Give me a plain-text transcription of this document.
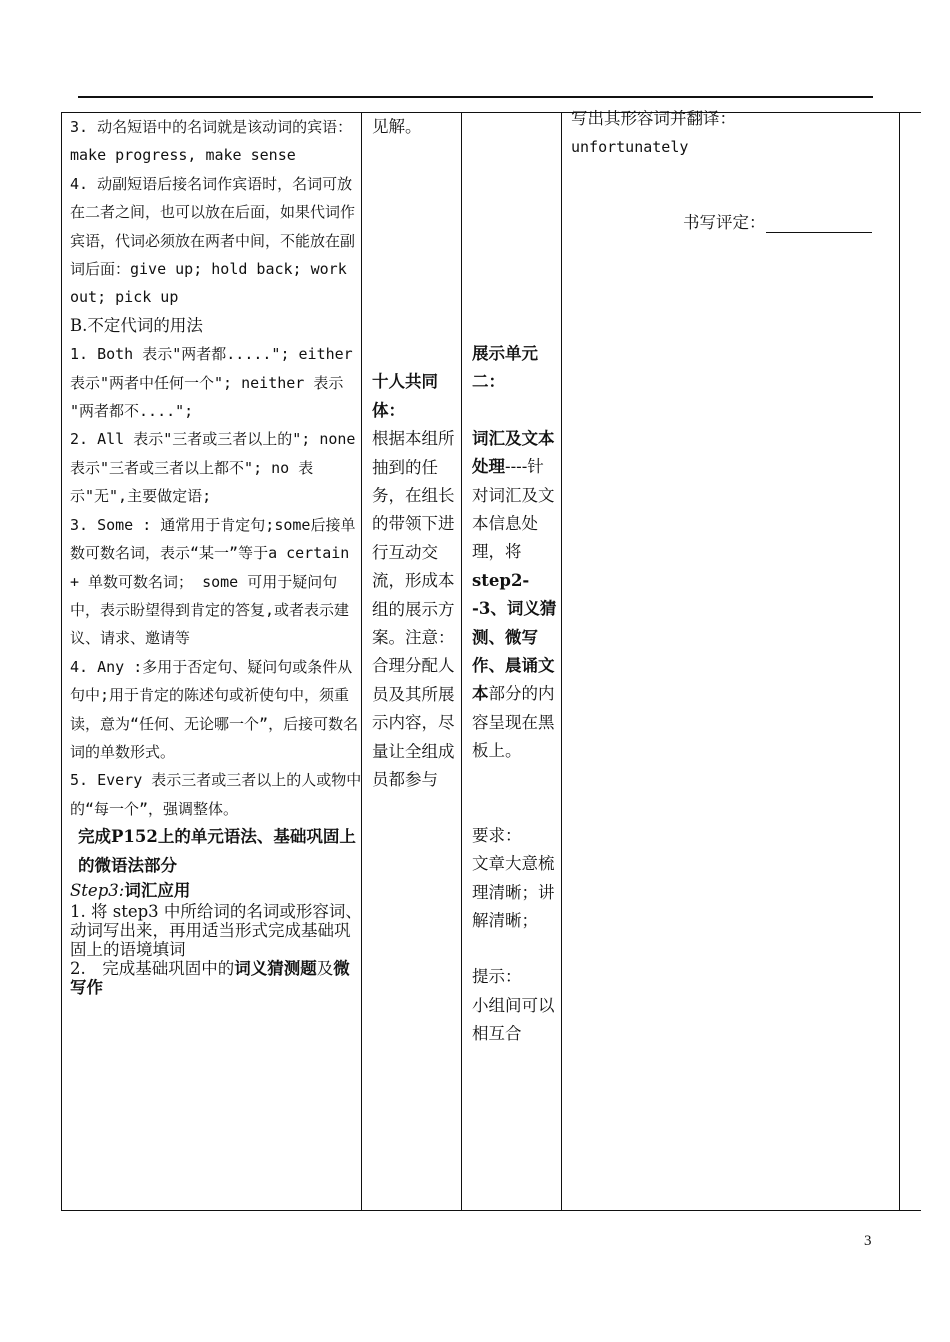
3. 动名短语中的名词就是该动词的宾语：make progress, make sense

4. 动副短语后接名词作宾语时，名词可放在二者之间，也可以放在后面，如果代词作宾语，代词必须放在两者中间，不能放在副词后面：give up; hold back; work out; pick up

B.不定代词的用法

1. Both 表示"两者都....."; either 表示"两者中任何一个"; neither 表示 "两者都不....";

2. All 表示"三者或三者以上的"; none 表示"三者或三者以上都不"; no 表示"无",主要做定语;

3. Some : 通常用于肯定句;some后接单数可数名词，表示“某一”等于a certain + 单数可数名词； some 可用于疑问句中，表示盼望得到肯定的答复,或者表示建议、请求、邀请等

4. Any :多用于否定句、疑问句或条件从句中;用于肯定的陈述句或祈使句中，须重读，意为“任何、无论哪一个”，后接可数名词的单数形式。

5. Every 表示三者或三者以上的人或物中的“每一个”，强调整体。

完成P152上的单元语法、基础巩固上的微语法部分

Step3:词汇应用

1. 将 step3 中所给词的名词或形容词、动词写出来，再用适当形式完成基础巩固上的语境填词

2.　完成基础巩固中的词义猜测题及微写作

见解。

十人共同体：

根据本组所抽到的任务，在组长的带领下进行互动交流，形成本组的展示方案。注意：合理分配人员及其所展示内容，尽量让全组成员都参与

展示单元二：

词汇及文本处理----针对词汇及文本信息处理，将step2--3、词义猜测、微写作、晨诵文本部分的内容呈现在黑板上。

要求：

文章大意梳理清晰；讲解清晰；

提示：

小组间可以相互合

写出其形容词并翻译：

unfortunately

书写评定：
3
